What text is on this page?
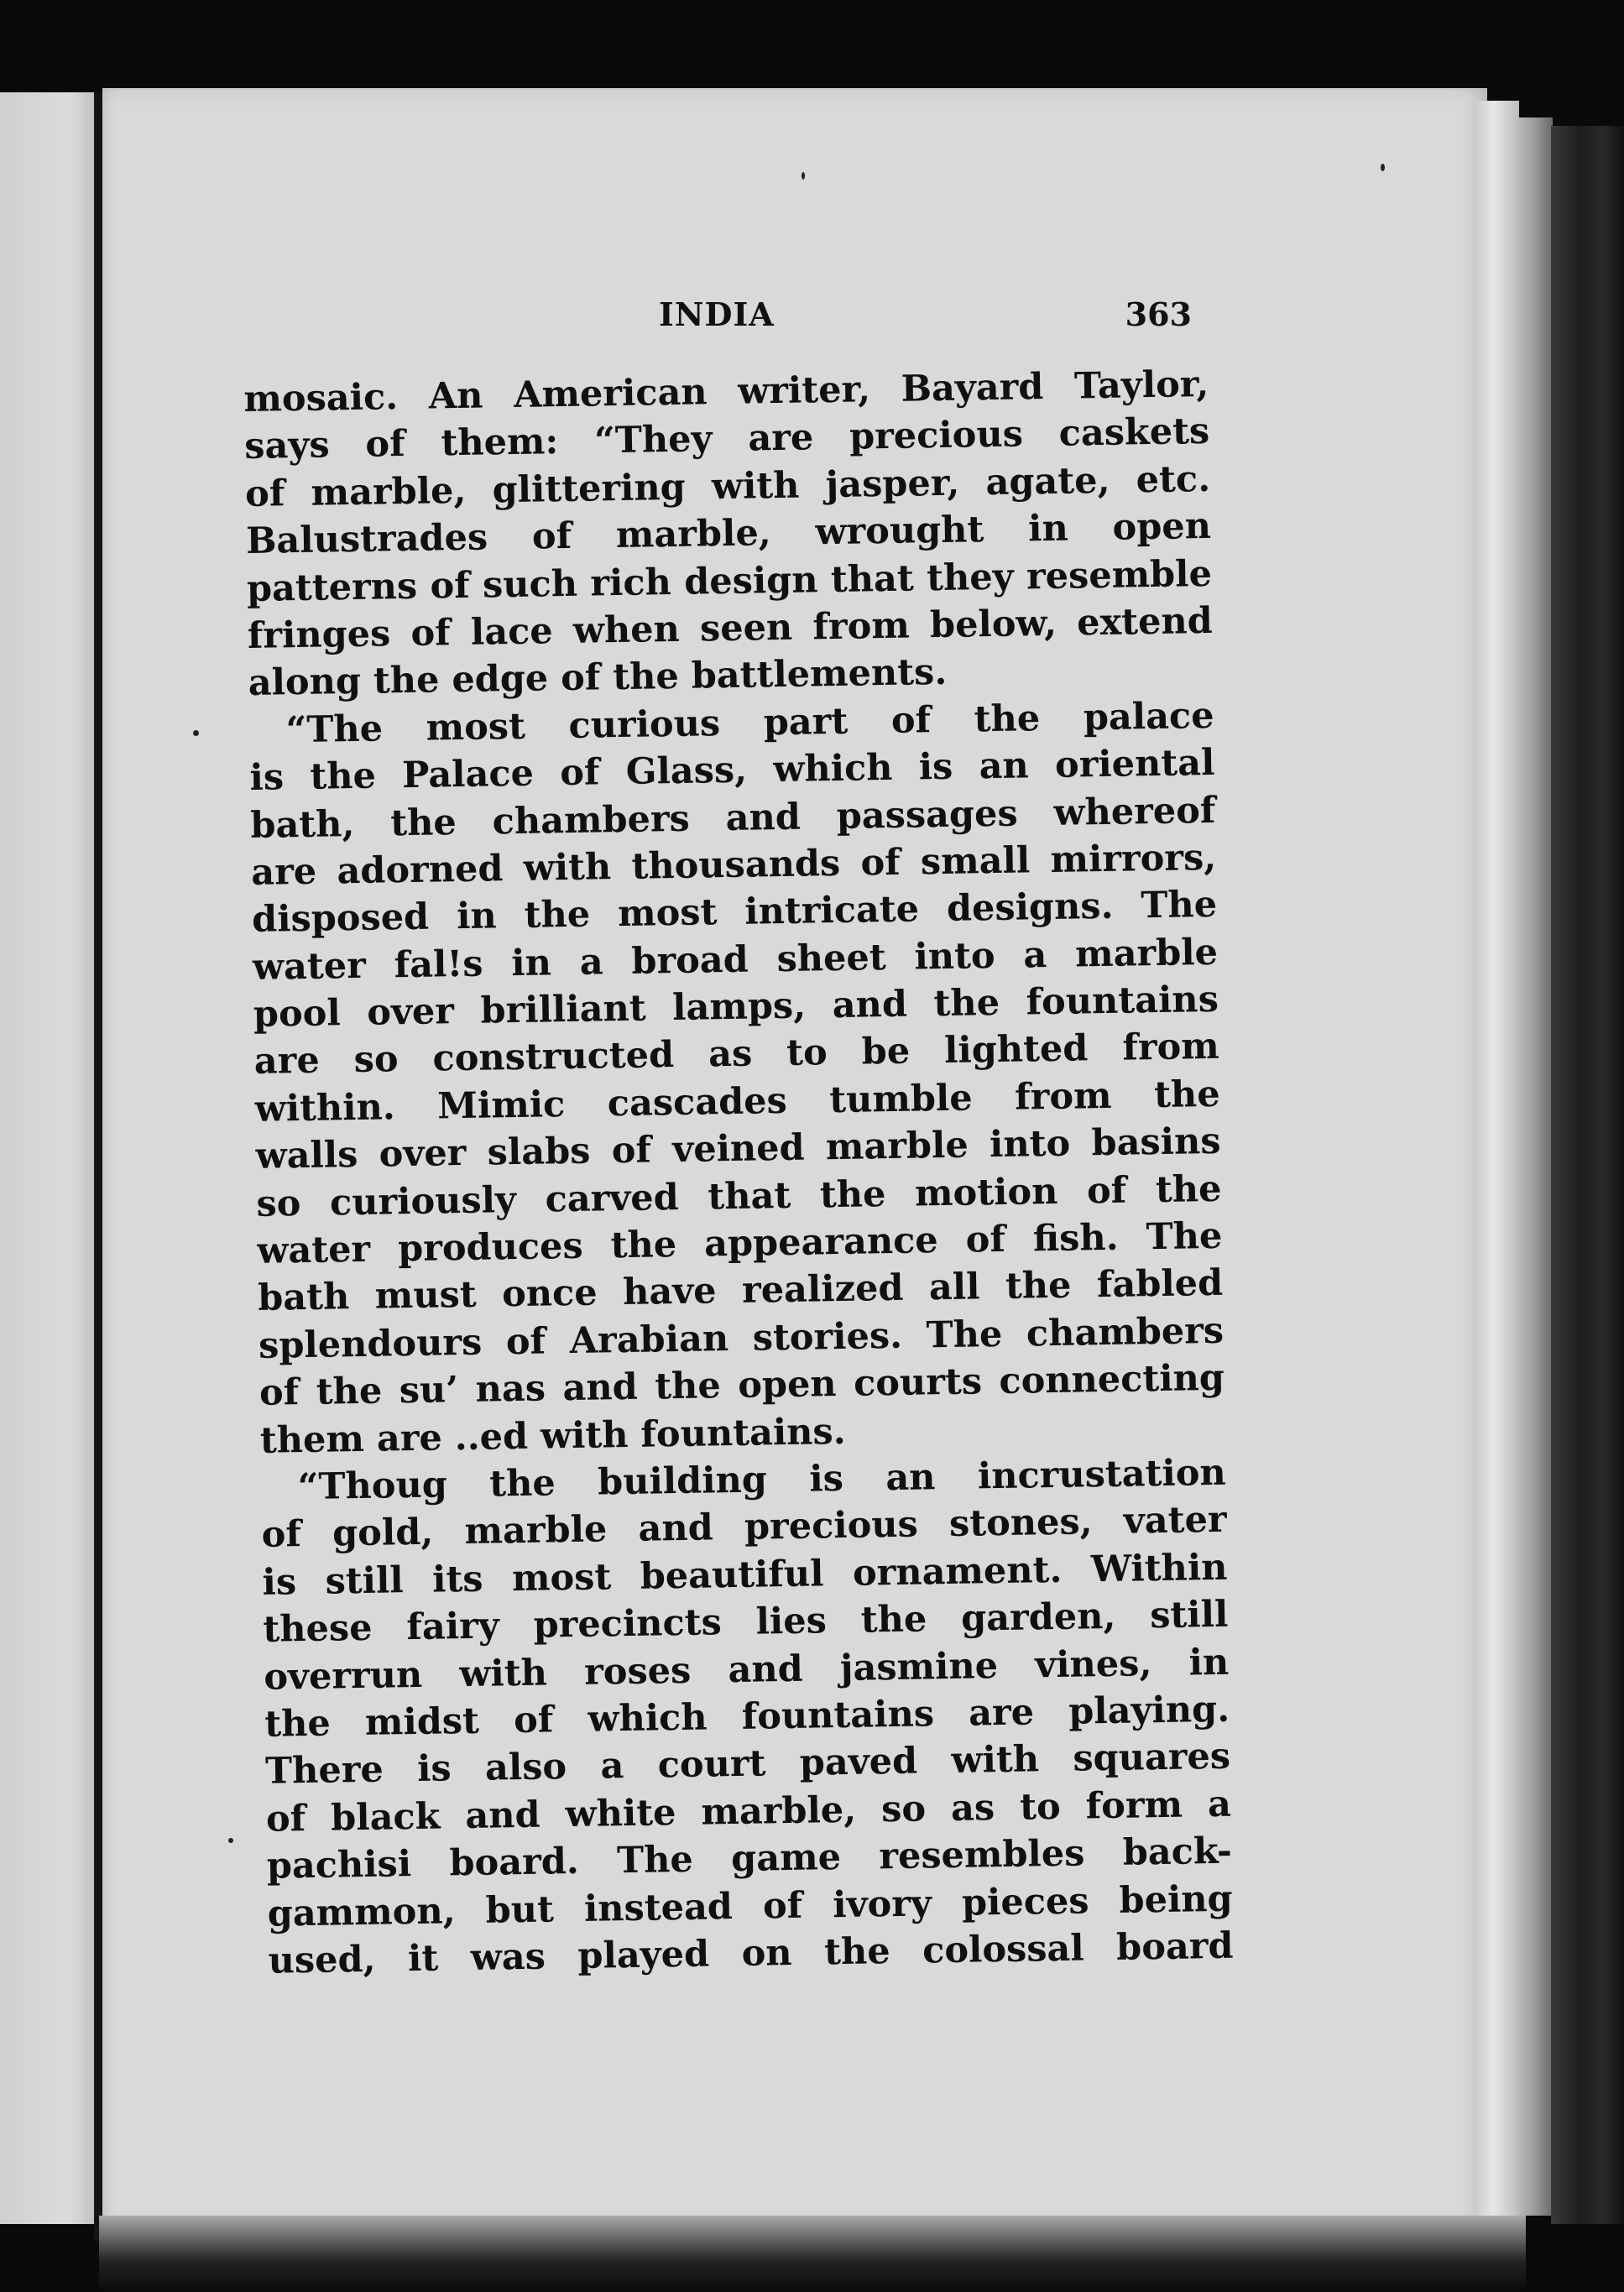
INDIA	363
mosaic. An American writer, Bayard Taylor,
says of them: “They are precious caskets
of marble, glittering with jasper, agate, etc.
Balustrades of marble, wrought in open
patterns of such rich design that they resemble
fringes of lace when seen from below, extend
along the edge of the battlements.
“The most curious part of the palace
is the Palace of Glass, which is an oriental
bath, the chambers and passages whereof
are adorned with thousands of small mirrors,
disposed in the most intricate designs. The
water fal!s in a broad sheet into a marble
pool over brilliant lamps, and the fountains
are so constructed as to be lighted from
within. Mimic cascades tumble from the
walls over slabs of veined marble into basins
so curiously carved that the motion of the
water produces the appearance of fish. The
bath must once have realized all the fabled
splendours of Arabian stories. The chambers
of the su’ nas and the open courts connecting
them are ..ed with fountains.
“Thoug the building is an incrustation
of gold, marble and precious stones, vater
is still its most beautiful ornament. Within
these fairy precincts lies the garden, still
overrun with roses and jasmine vines, in
the midst of which fountains are playing.
There is also a court paved with squares
of black and white marble, so as to form a
pachisi board. The game resembles back-
gammon, but instead of ivory pieces being
used, it was played on the colossal board
